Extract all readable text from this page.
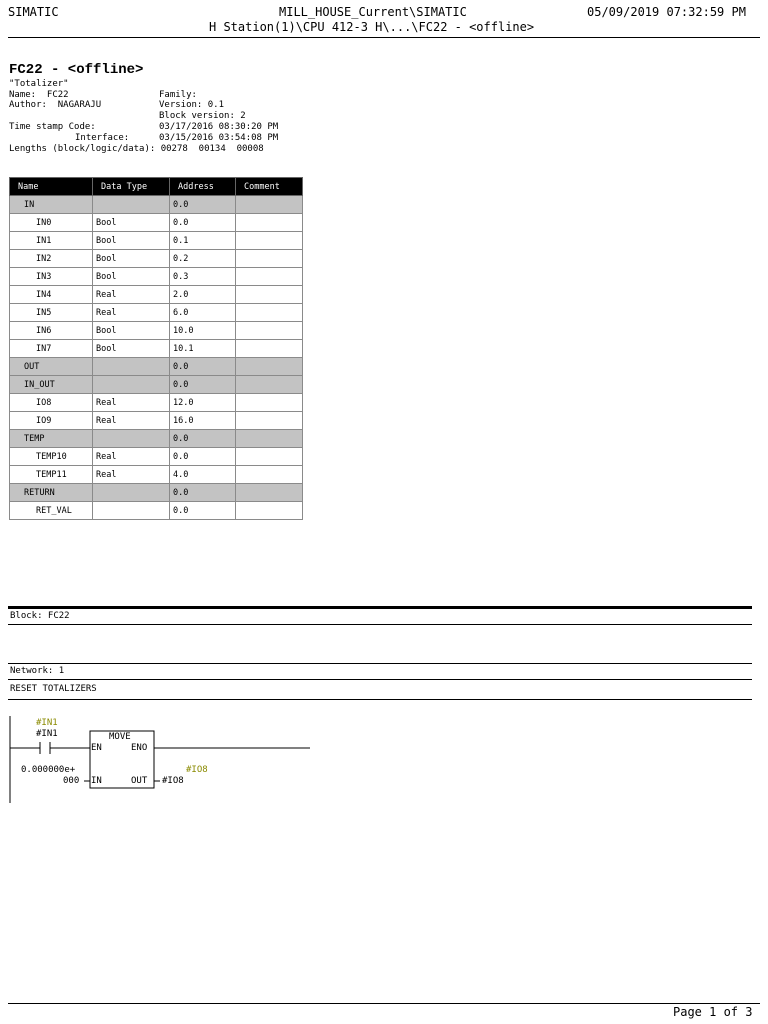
SIMATIC	MILL_HOUSE_Current\SIMATIC
H Station(1)\CPU 412-3 H\...\FC22 - <offline>
05/09/2019 07:32:59 PM
FC22 - <offline>
"Totalizer"
Name:  FC22
Author:  NAGARAJU
Family:
Version: 0.1
Block version: 2
Time stamp Code:	03/17/2016 08:30:20 PM
Interface:	03/15/2016 03:54:08 PM
Lengths (block/logic/data): 00278  00134  00008
Name	Data Type	Address	Comment
IN		0.0	
IN0	Bool	0.0	
IN1	Bool	0.1	
IN2	Bool	0.2	
IN3	Bool	0.3	
IN4	Real	2.0	
IN5	Real	6.0	
IN6	Bool	10.0	
IN7	Bool	10.1	
OUT		0.0	
IN_OUT		0.0	
IO8	Real	12.0	
IO9	Real	16.0	
TEMP		0.0	
TEMP10	Real	0.0	
TEMP11	Real	4.0	
RETURN		0.0	
RET_VAL		0.0	
Block: FC22
Network: 1
RESET TOTALIZERS
#IN1
#IN1	MOVE
EN	ENO
IN	OUT
0.000000e+
000
#IO8
#IO8
Page 1 of 3
